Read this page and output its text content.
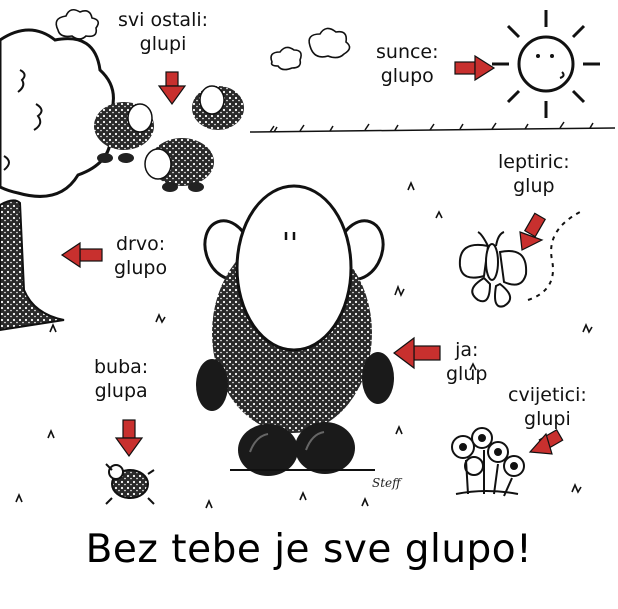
svi ostali:
glupi	sunce:
glupo
leptiric:
glup
drvo:
glupo
ja:
glup
buba:
glupa	cvijetici:
glupi
Steff
Bez tebe je sve glupo!
